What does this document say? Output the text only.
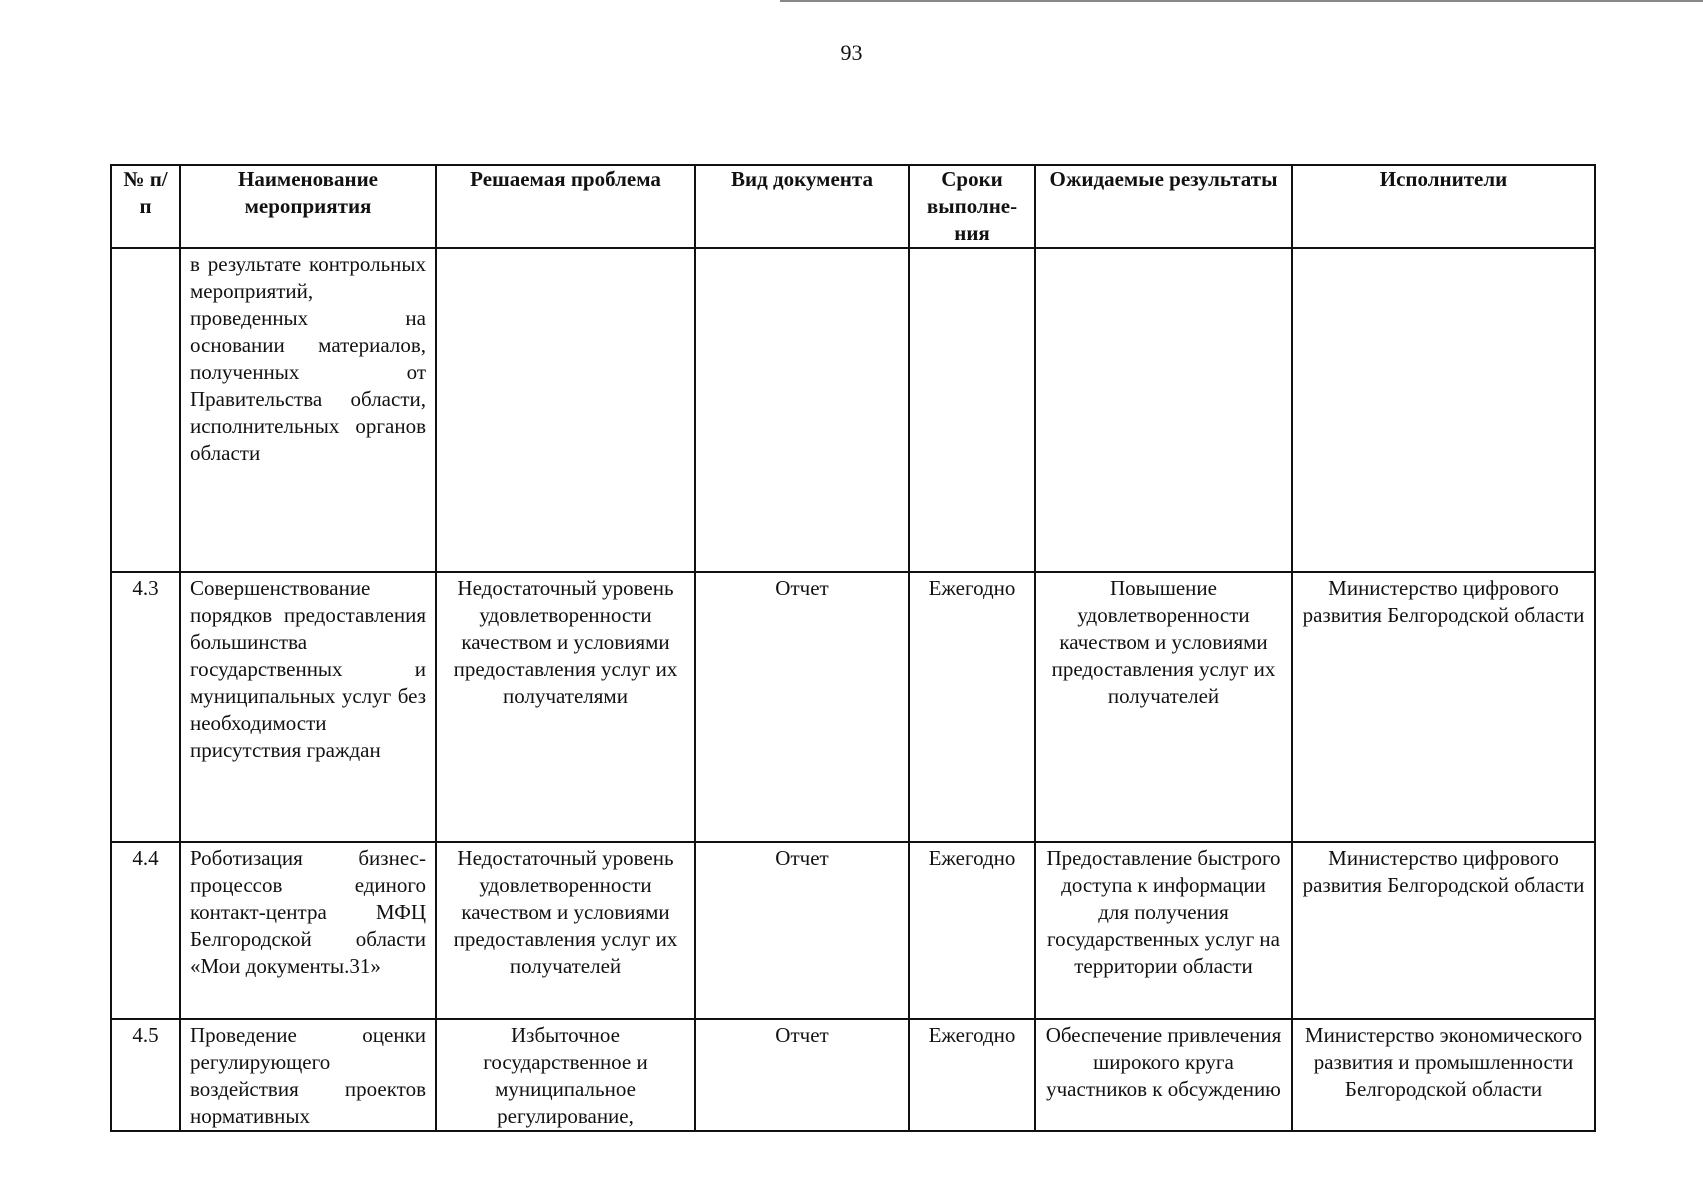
93
№ п/п	Наименование мероприятия	Решаемая проблема	Вид документа	Сроки выполне-ния	Ожидаемые результаты	Исполнители
	в результате контрольных мероприятий, проведенных на основании материалов, полученных от Правительства области, исполнительных органов области					
4.3	Совершенствование порядков предоставления большинства государственных и муниципальных услуг без необходимости присутствия граждан	Недостаточный уровень удовлетворенности качеством и условиями предоставления услуг их получателями	Отчет	Ежегодно	Повышение удовлетворенности качеством и условиями предоставления услуг их получателей	Министерство цифрового развития Белгородской области
4.4	Роботизация бизнес-процессов единого контакт-центра МФЦ Белгородской области «Мои документы.31»	Недостаточный уровень удовлетворенности качеством и условиями предоставления услуг их получателей	Отчет	Ежегодно	Предоставление быстрого доступа к информации для получения государственных услуг на территории области	Министерство цифрового развития Белгородской области
4.5	Проведение оценки регулирующего воздействия проектов нормативных	Избыточное государственное и муниципальное регулирование,	Отчет	Ежегодно	Обеспечение привлечения широкого круга участников к обсуждению	Министерство экономического развития и промышленности Белгородской области
